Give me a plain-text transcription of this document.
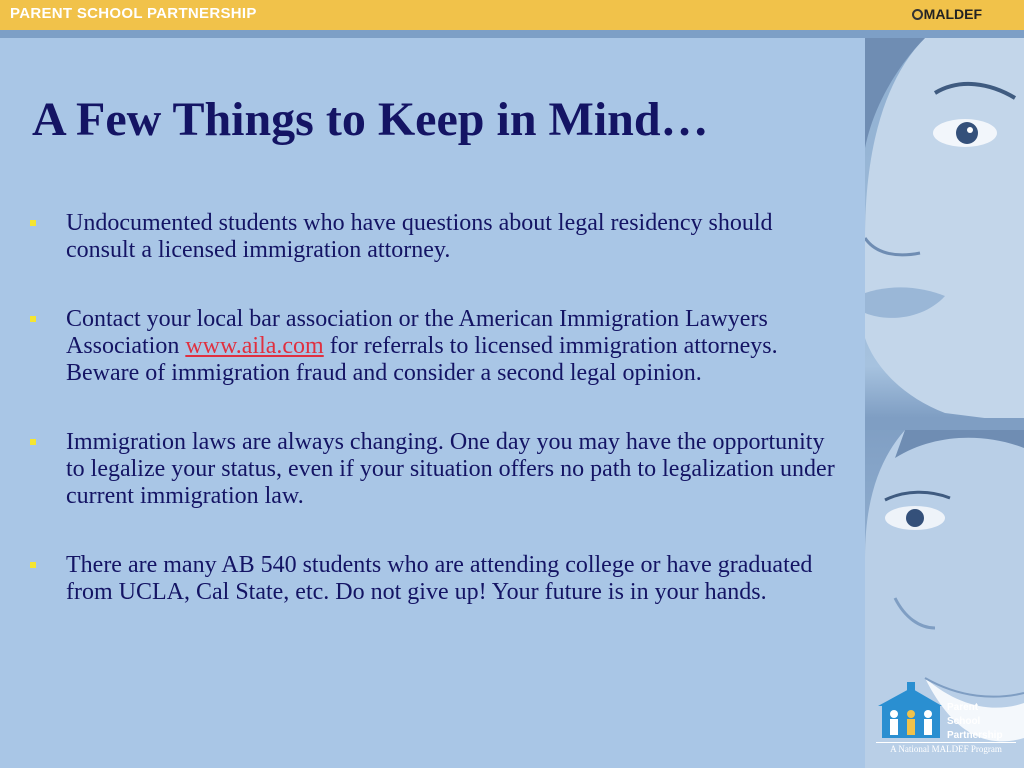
PARENT SCHOOL PARTNERSHIP	MALDEF
Parent
School
Partnership
A National MALDEF Program
A Few Things to Keep in Mind…
Undocumented students who have questions about legal residency should consult a licensed immigration attorney.
Contact your local bar association or the American Immigration Lawyers Association www.aila.com for referrals to licensed immigration attorneys. Beware of immigration fraud and consider a second legal opinion.
Immigration laws are always changing. One day you may have the opportunity to legalize your status, even if your situation offers no path to legalization under current immigration law.
There are many AB 540 students who are attending college or have graduated from UCLA, Cal State, etc. Do not give up! Your future is in your hands.
